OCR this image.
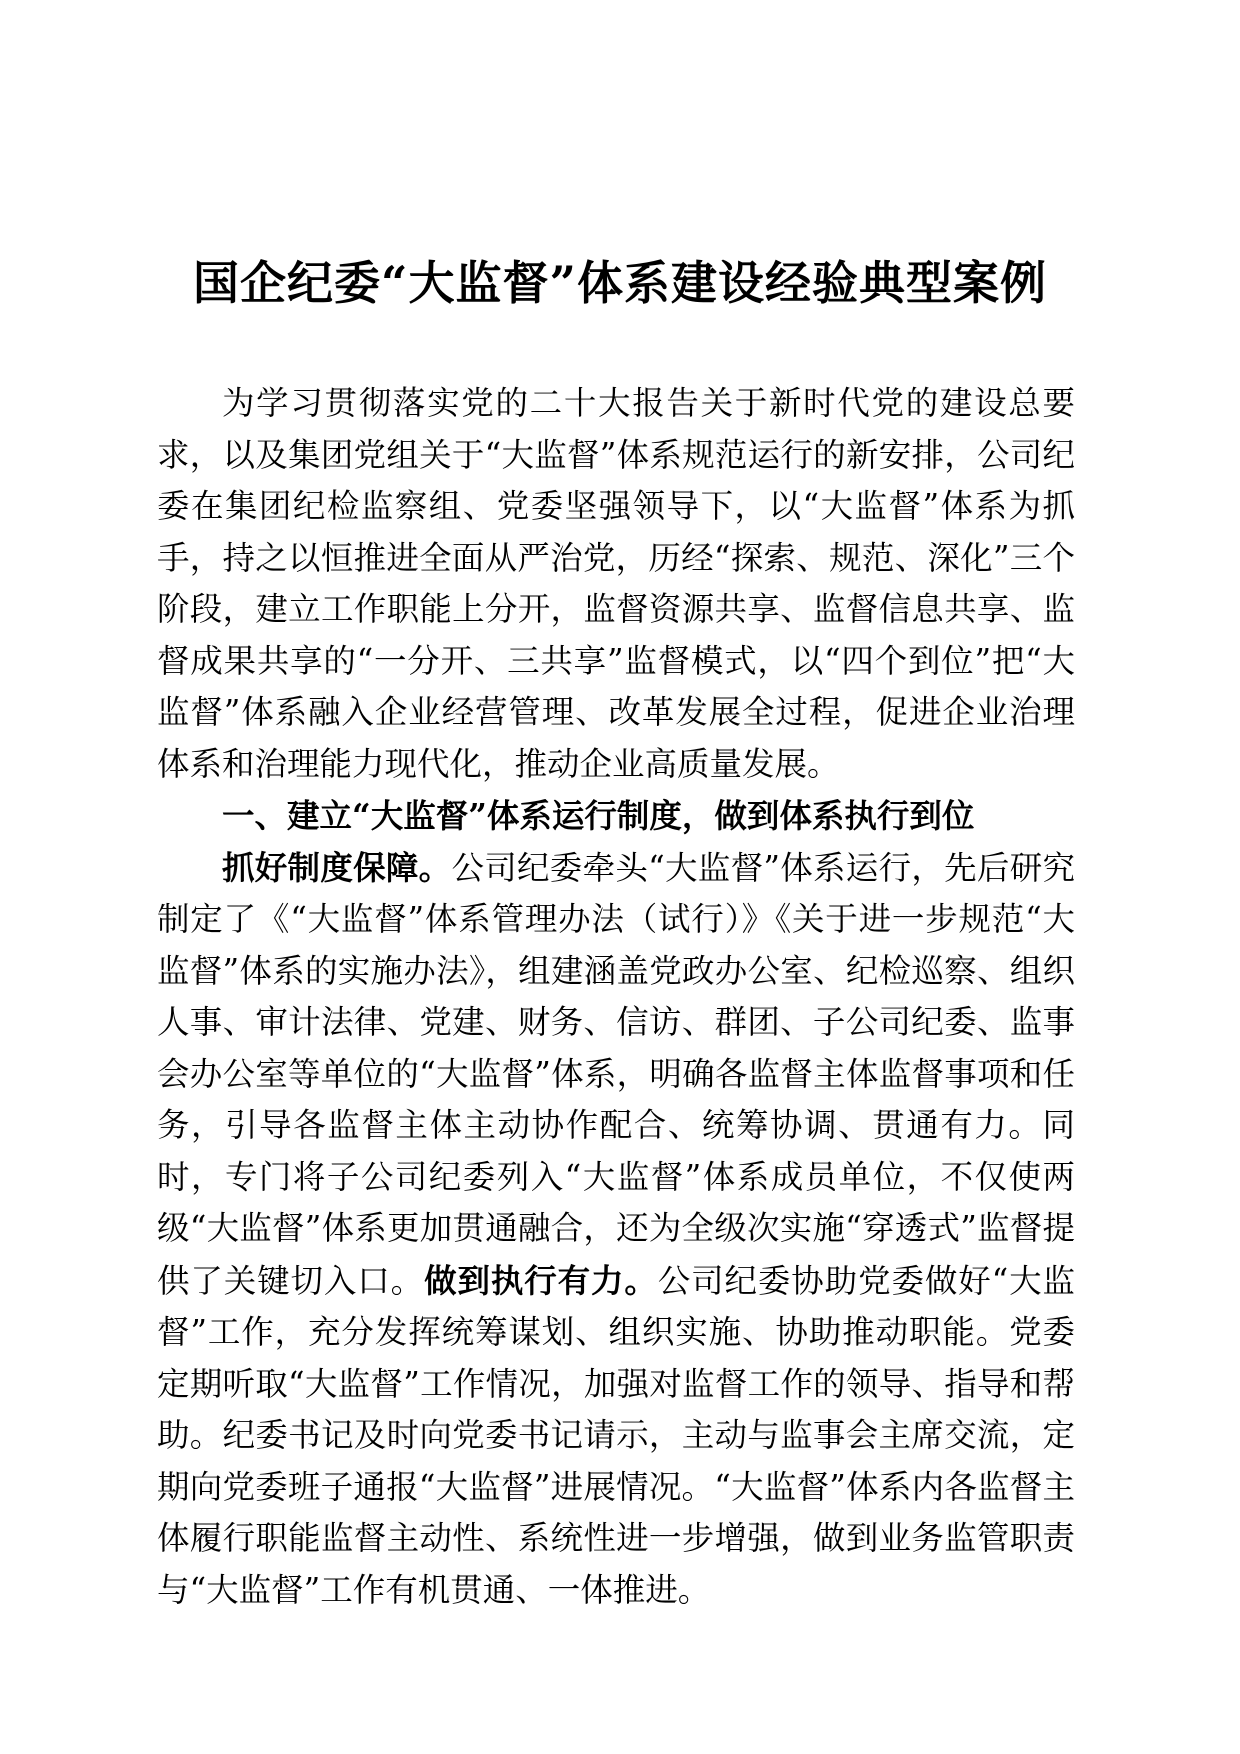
国企纪委“大监督”体系建设经验典型案例

为学习贯彻落实党的二十大报告关于新时代党的建设总要求，以及集团党组关于“大监督”体系规范运行的新安排，公司纪委在集团纪检监察组、党委坚强领导下，以“大监督”体系为抓手，持之以恒推进全面从严治党，历经“探索、规范、深化”三个阶段，建立工作职能上分开，监督资源共享、监督信息共享、监督成果共享的“一分开、三共享”监督模式，以“四个到位”把“大监督”体系融入企业经营管理、改革发展全过程，促进企业治理体系和治理能力现代化，推动企业高质量发展。

一、建立“大监督”体系运行制度，做到体系执行到位

抓好制度保障。公司纪委牵头“大监督”体系运行，先后研究制定了《“大监督”体系管理办法（试行）》《关于进一步规范“大监督”体系的实施办法》，组建涵盖党政办公室、纪检巡察、组织人事、审计法律、党建、财务、信访、群团、子公司纪委、监事会办公室等单位的“大监督”体系，明确各监督主体监督事项和任务，引导各监督主体主动协作配合、统筹协调、贯通有力。同时，专门将子公司纪委列入“大监督”体系成员单位，不仅使两级“大监督”体系更加贯通融合，还为全级次实施“穿透式”监督提供了关键切入口。做到执行有力。公司纪委协助党委做好“大监督”工作，充分发挥统筹谋划、组织实施、协助推动职能。党委定期听取“大监督”工作情况，加强对监督工作的领导、指导和帮助。纪委书记及时向党委书记请示，主动与监事会主席交流，定期向党委班子通报“大监督”进展情况。“大监督”体系内各监督主体履行职能监督主动性、系统性进一步增强，做到业务监管职责与“大监督”工作有机贯通、一体推进。
